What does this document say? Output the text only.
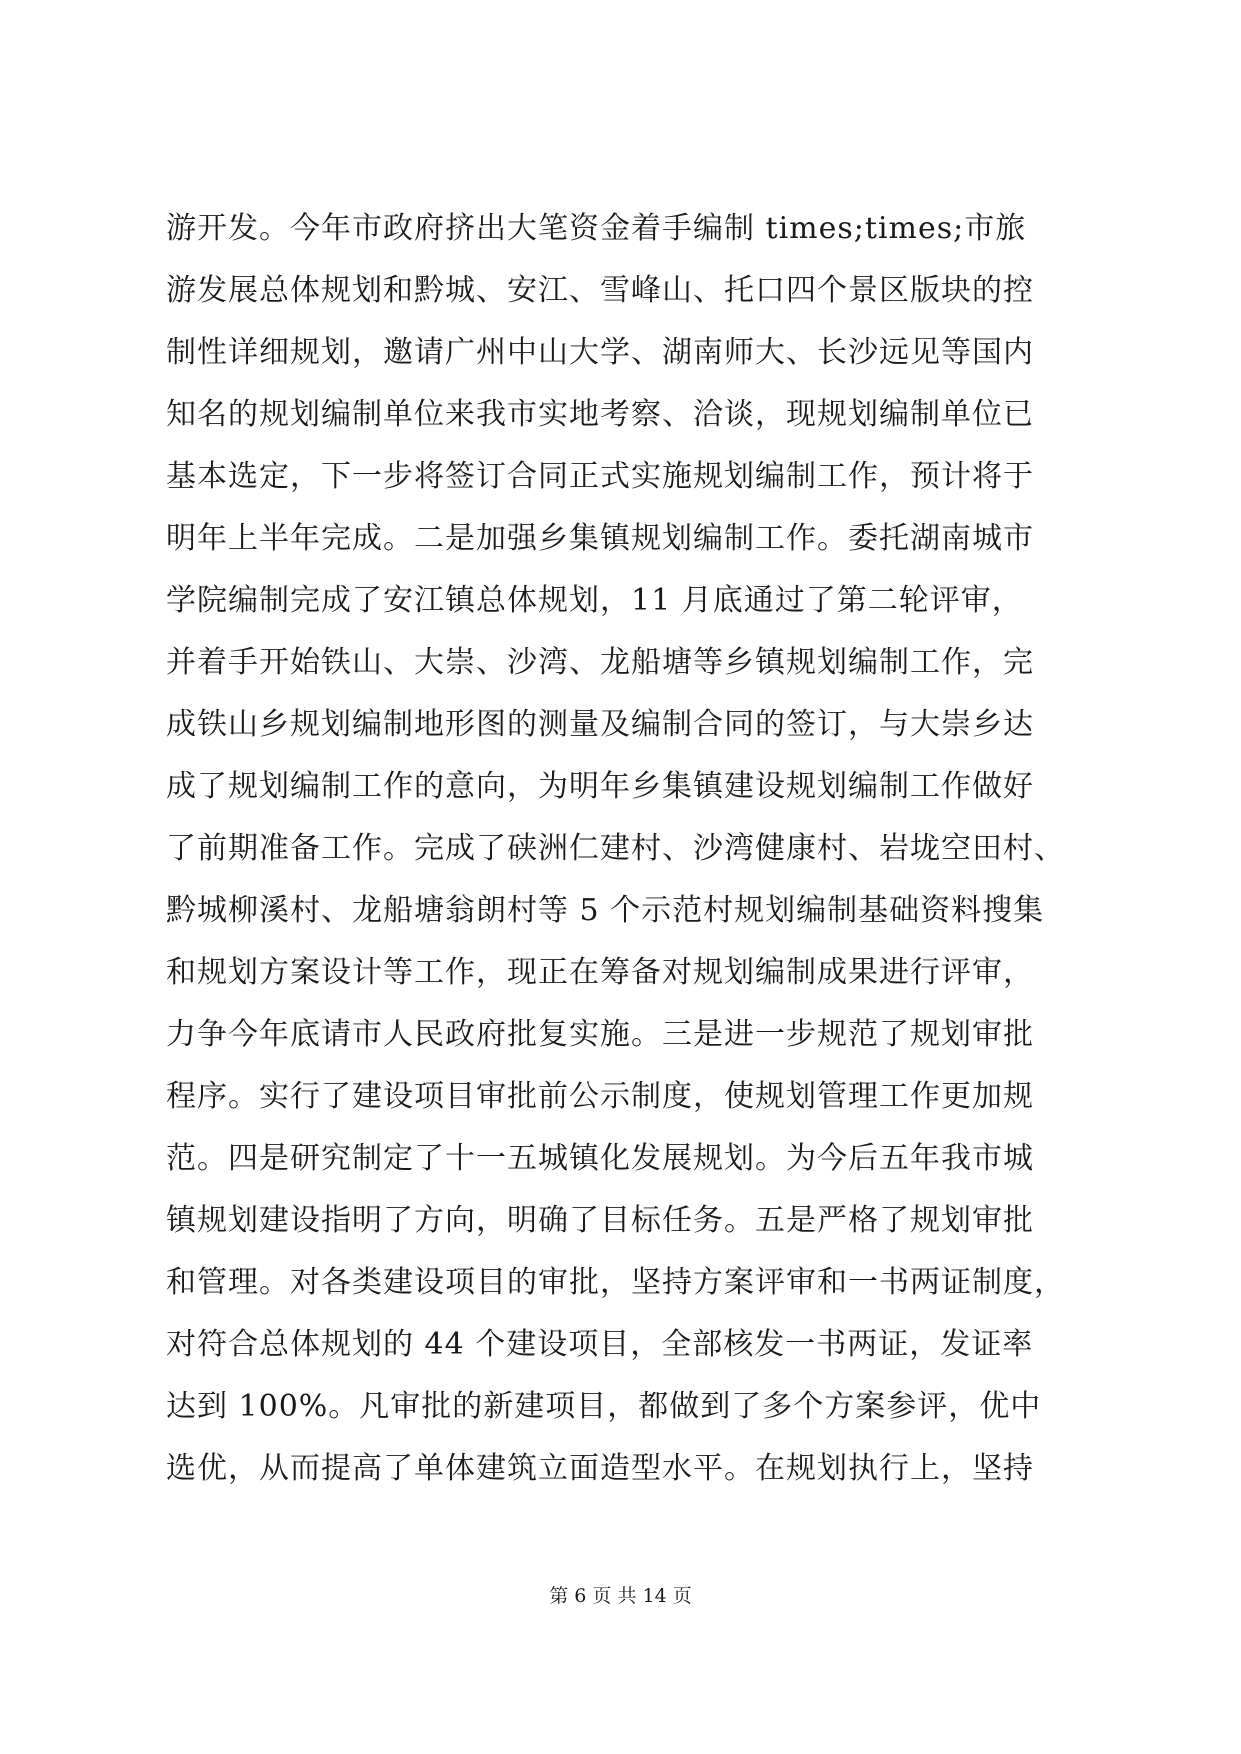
游开发。今年市政府挤出大笔资金着手编制 times;times;市旅
游发展总体规划和黔城、安江、雪峰山、托口四个景区版块的控
制性详细规划，邀请广州中山大学、湖南师大、长沙远见等国内
知名的规划编制单位来我市实地考察、洽谈，现规划编制单位已
基本选定，下一步将签订合同正式实施规划编制工作，预计将于
明年上半年完成。二是加强乡集镇规划编制工作。委托湖南城市
学院编制完成了安江镇总体规划，11 月底通过了第二轮评审，
并着手开始铁山、大崇、沙湾、龙船塘等乡镇规划编制工作，完
成铁山乡规划编制地形图的测量及编制合同的签订，与大崇乡达
成了规划编制工作的意向，为明年乡集镇建设规划编制工作做好
了前期准备工作。完成了硖洲仁建村、沙湾健康村、岩垅空田村、
黔城柳溪村、龙船塘翁朗村等 5 个示范村规划编制基础资料搜集
和规划方案设计等工作，现正在筹备对规划编制成果进行评审，
力争今年底请市人民政府批复实施。三是进一步规范了规划审批
程序。实行了建设项目审批前公示制度，使规划管理工作更加规
范。四是研究制定了十一五城镇化发展规划。为今后五年我市城
镇规划建设指明了方向，明确了目标任务。五是严格了规划审批
和管理。对各类建设项目的审批，坚持方案评审和一书两证制度，
对符合总体规划的 44 个建设项目，全部核发一书两证，发证率
达到 100%。凡审批的新建项目，都做到了多个方案参评，优中
选优，从而提高了单体建筑立面造型水平。在规划执行上，坚持
第 6 页 共 14 页
